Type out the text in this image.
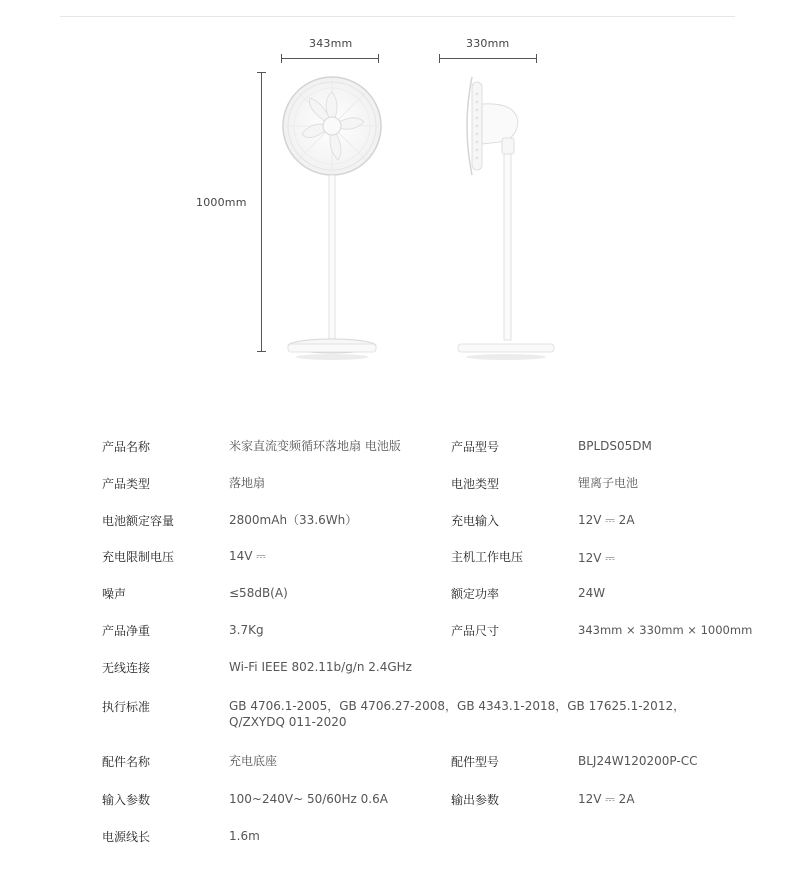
343mm	330mm
1000mm
产品名称	米家直流变频循环落地扇 电池版	产品型号	BPLDS05DM
产品类型	落地扇	电池类型	锂离子电池
电池额定容量	2800mAh（33.6Wh）	充电输入	12V ⎓ 2A
充电限制电压	14V ⎓	主机工作电压	12V ⎓
噪声	≤58dB(A)	额定功率	24W
产品净重	3.7Kg	产品尺寸	343mm × 330mm × 1000mm
无线连接	Wi-Fi IEEE 802.11b/g/n 2.4GHz
执行标准	GB 4706.1-2005，GB 4706.27-2008，GB 4343.1-2018，GB 17625.1-2012，
Q/ZXYDQ 011-2020
配件名称	充电底座	配件型号	BLJ24W120200P-CC
输入参数	100~240V~ 50/60Hz 0.6A	输出参数	12V ⎓ 2A
电源线长	1.6m
